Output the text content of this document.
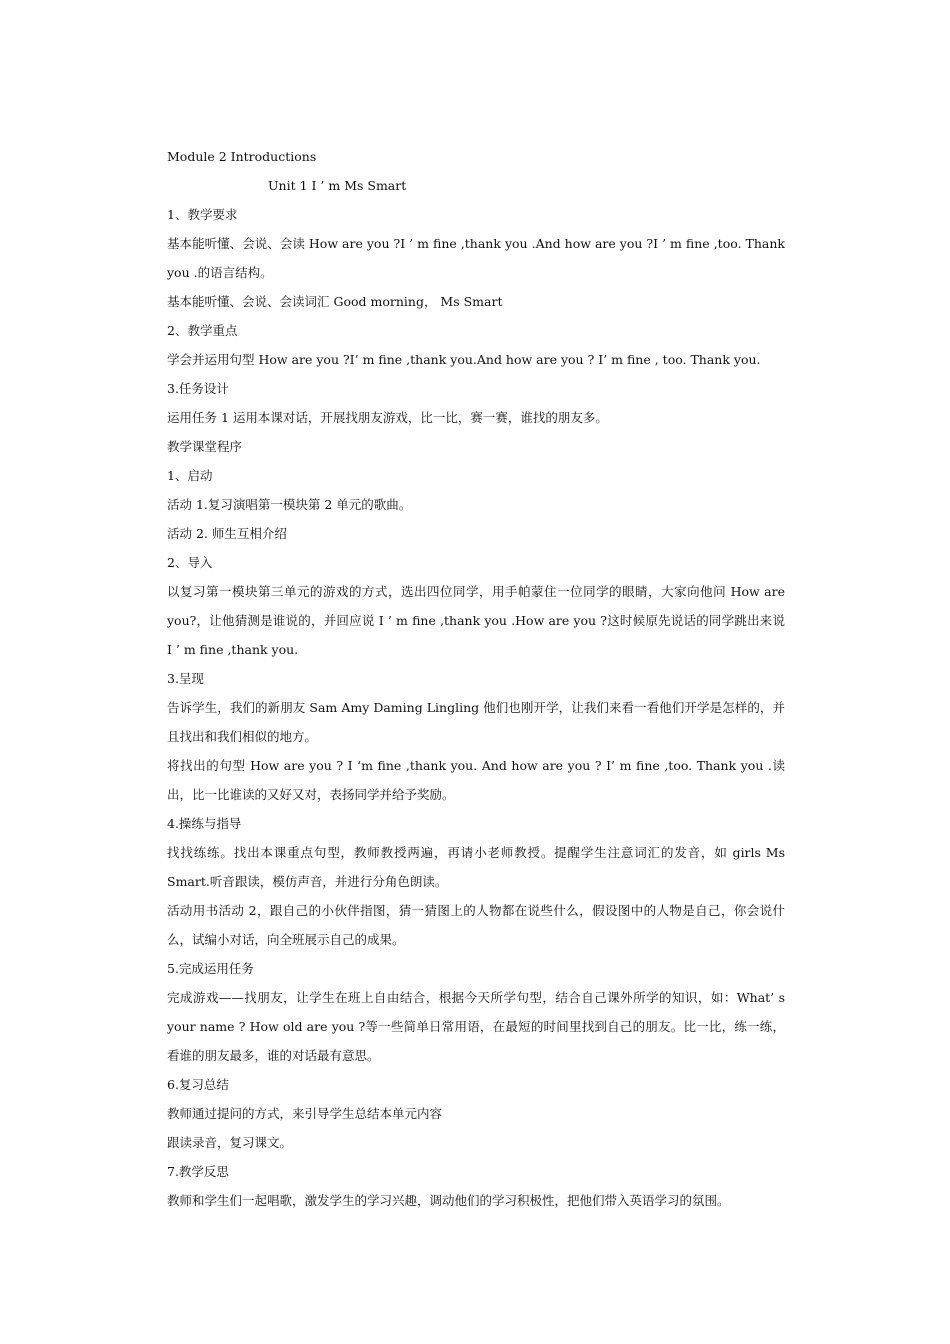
Module 2 Introductions

Unit 1 I ’ m Ms Smart

1、教学要求

基本能听懂、会说、会读 How are you ?I ’ m fine ,thank you .And how are you ?I ’ m fine ,too. Thank you .的语言结构。

基本能听懂、会说、会读词汇 Good morning， Ms Smart

2、教学重点

学会并运用句型 How are you ?I’ m fine ,thank you.And how are you ? I’ m fine , too. Thank you.

3.任务设计

运用任务 1 运用本课对话，开展找朋友游戏，比一比，赛一赛，谁找的朋友多。

教学课堂程序

1、启动

活动 1.复习演唱第一模块第 2 单元的歌曲。

活动 2. 师生互相介绍

2、导入

以复习第一模块第三单元的游戏的方式，选出四位同学，用手帕蒙住一位同学的眼睛，大家向他问 How are you?，让他猜测是谁说的，并回应说 I ’ m fine ,thank you .How are you ?这时候原先说话的同学跳出来说 I ’ m fine ,thank you.

3.呈现

告诉学生，我们的新朋友 Sam Amy Daming Lingling 他们也刚开学，让我们来看一看他们开学是怎样的，并且找出和我们相似的地方。

将找出的句型 How are you ? I ‘m fine ,thank you. And how are you ? I’ m fine ,too. Thank you .读出，比一比谁读的又好又对，表扬同学并给予奖励。

4.操练与指导

找找练练。找出本课重点句型，教师教授两遍，再请小老师教授。提醒学生注意词汇的发音，如 girls Ms Smart.听音跟读，模仿声音，并进行分角色朗读。

活动用书活动 2，跟自己的小伙伴指图，猜一猜图上的人物都在说些什么，假设图中的人物是自己，你会说什么，试编小对话，向全班展示自己的成果。

5.完成运用任务

完成游戏——找朋友，让学生在班上自由结合，根据今天所学句型，结合自己课外所学的知识，如：What’ s your name ? How old are you ?等一些简单日常用语，在最短的时间里找到自己的朋友。比一比，练一练，看谁的朋友最多，谁的对话最有意思。

6.复习总结

教师通过提问的方式，来引导学生总结本单元内容

跟读录音，复习课文。

7.教学反思

教师和学生们一起唱歌，激发学生的学习兴趣，调动他们的学习积极性，把他们带入英语学习的氛围。
